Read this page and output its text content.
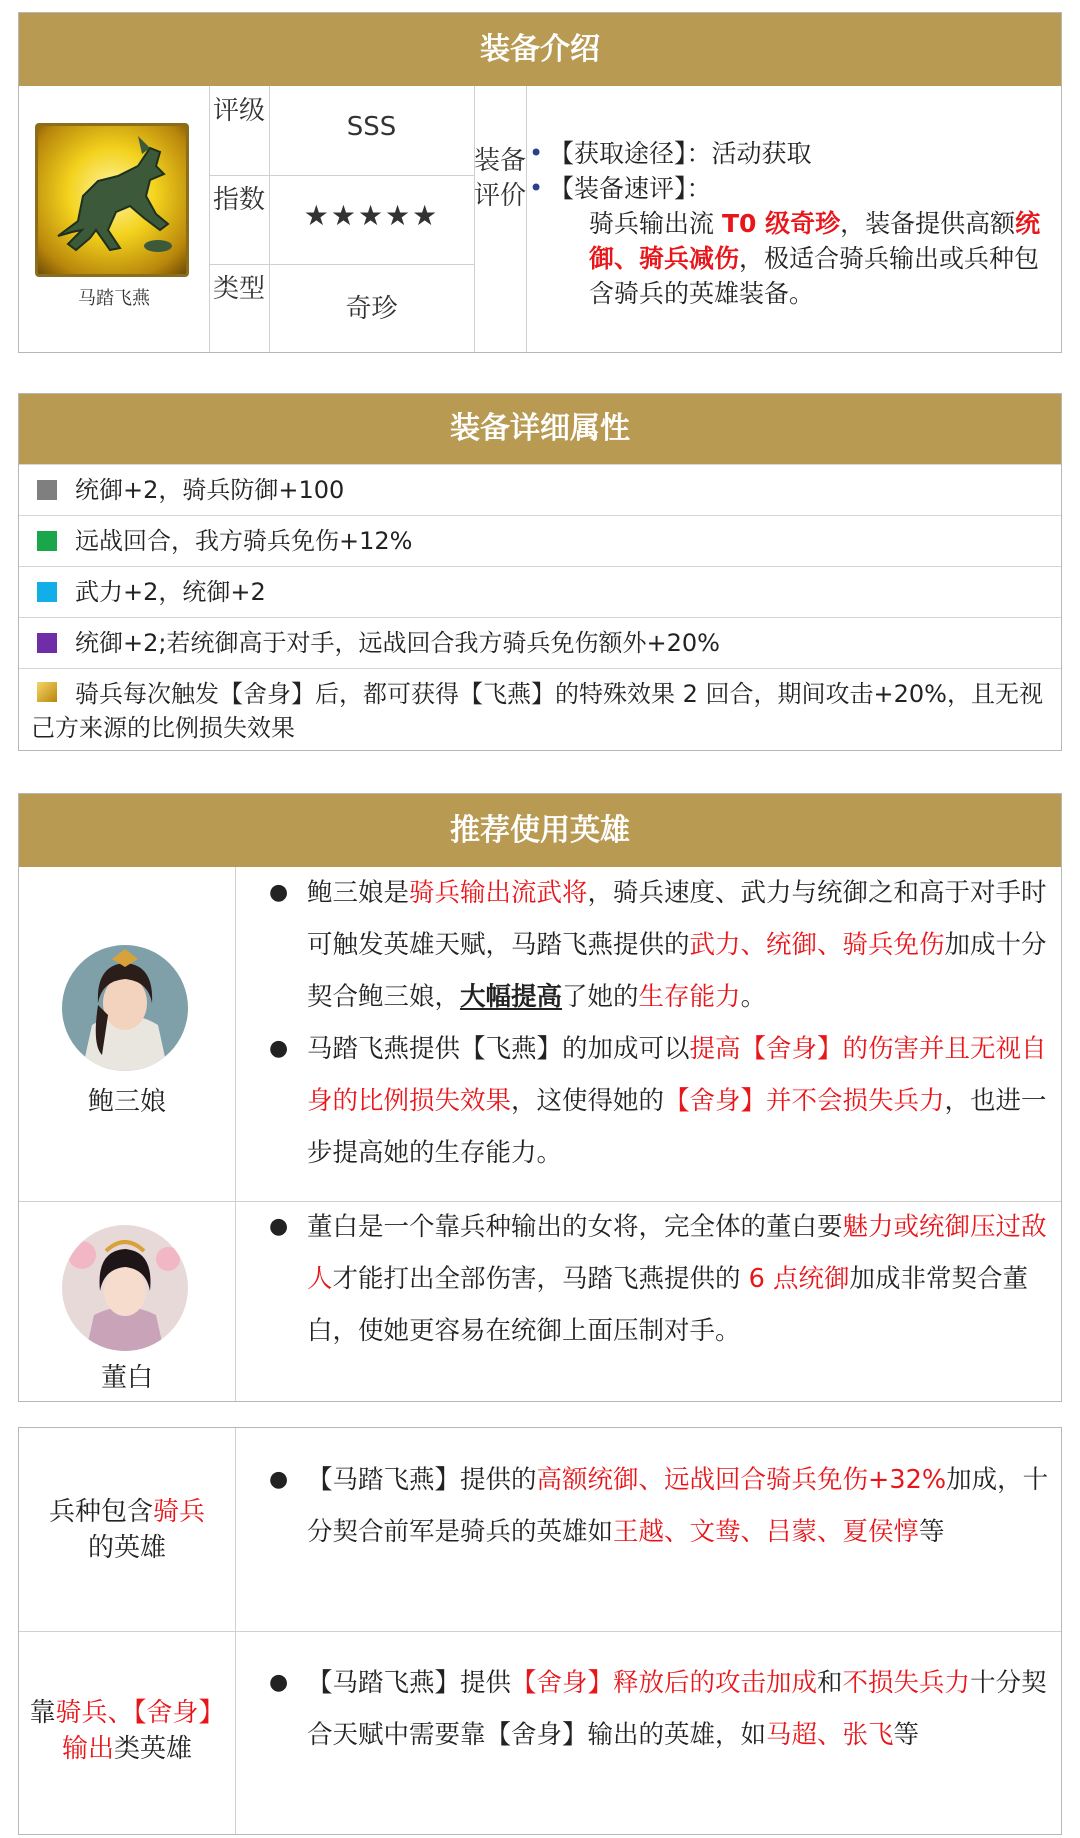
装备介绍
马踏飞燕
评级
指数
类型
SSS
★★★★★
奇珍
装备评价
• 【获取途径】：活动获取
• 【装备速评】：
骑兵输出流 T0 级奇珍，装备提供高额统御、骑兵减伤，极适合骑兵输出或兵种包含骑兵的英雄装备。
装备详细属性
统御+2，骑兵防御+100
远战回合，我方骑兵免伤+12%
武力+2，统御+2
统御+2;若统御高于对手，远战回合我方骑兵免伤额外+20%
骑兵每次触发【舍身】后，都可获得【飞燕】的特殊效果 2 回合，期间攻击+20%，且无视己方来源的比例损失效果
推荐使用英雄
鲍三娘
● 鲍三娘是骑兵输出流武将，骑兵速度、武力与统御之和高于对手时可触发英雄天赋，马踏飞燕提供的武力、统御、骑兵免伤加成十分契合鲍三娘，大幅提高了她的生存能力。
● 马踏飞燕提供【飞燕】的加成可以提高【舍身】的伤害并且无视自身的比例损失效果，这使得她的【舍身】并不会损失兵力，也进一步提高她的生存能力。
董白
● 董白是一个靠兵种输出的女将，完全体的董白要魅力或统御压过敌人才能打出全部伤害，马踏飞燕提供的 6 点统御加成非常契合董白，使她更容易在统御上面压制对手。
兵种包含骑兵
的英雄
● 【马踏飞燕】提供的高额统御、远战回合骑兵免伤+32%加成，十分契合前军是骑兵的英雄如王越、文鸯、吕蒙、夏侯惇等
靠骑兵、【舍身】
输出类英雄
● 【马踏飞燕】提供【舍身】释放后的攻击加成和不损失兵力十分契合天赋中需要靠【舍身】输出的英雄，如马超、张飞等
